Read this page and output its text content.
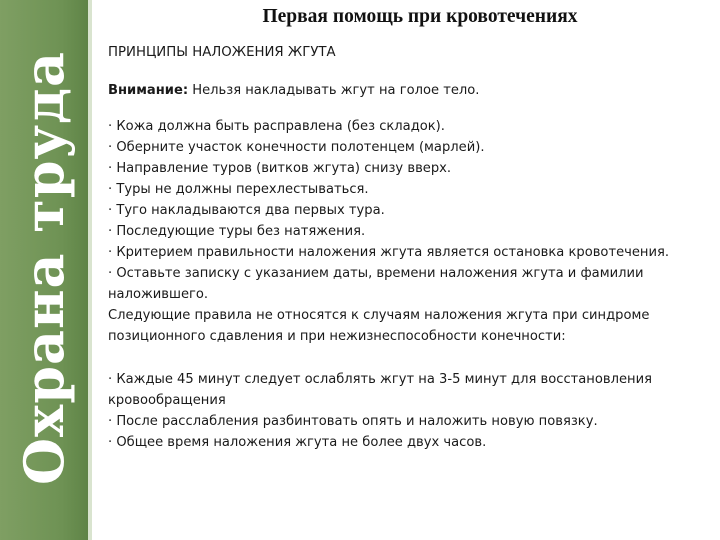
Охрана труда
Первая помощь при кровотечениях

ПРИНЦИПЫ НАЛОЖЕНИЯ ЖГУТА

Внимание: Нельзя накладывать жгут на голое тело.

· Кожа должна быть расправлена (без складок).

· Оберните участок конечности полотенцем (марлей).

· Направление туров (витков жгута) снизу вверх.

· Туры не должны перехлестываться.

· Туго накладываются два первых тура.

· Последующие туры без натяжения.

· Критерием правильности наложения жгута является остановка кровотечения.

· Оставьте записку с указанием даты, времени наложения жгута и фамилии наложившего.

Следующие правила не относятся к случаям наложения жгута при синдроме позиционного сдавления и при нежизнеспособности конечности:

· Каждые 45 минут следует ослаблять жгут на 3-5 минут для восстановления кровообращения

· После расслабления разбинтовать опять и наложить новую повязку.

· Общее время наложения жгута не более двух часов.
